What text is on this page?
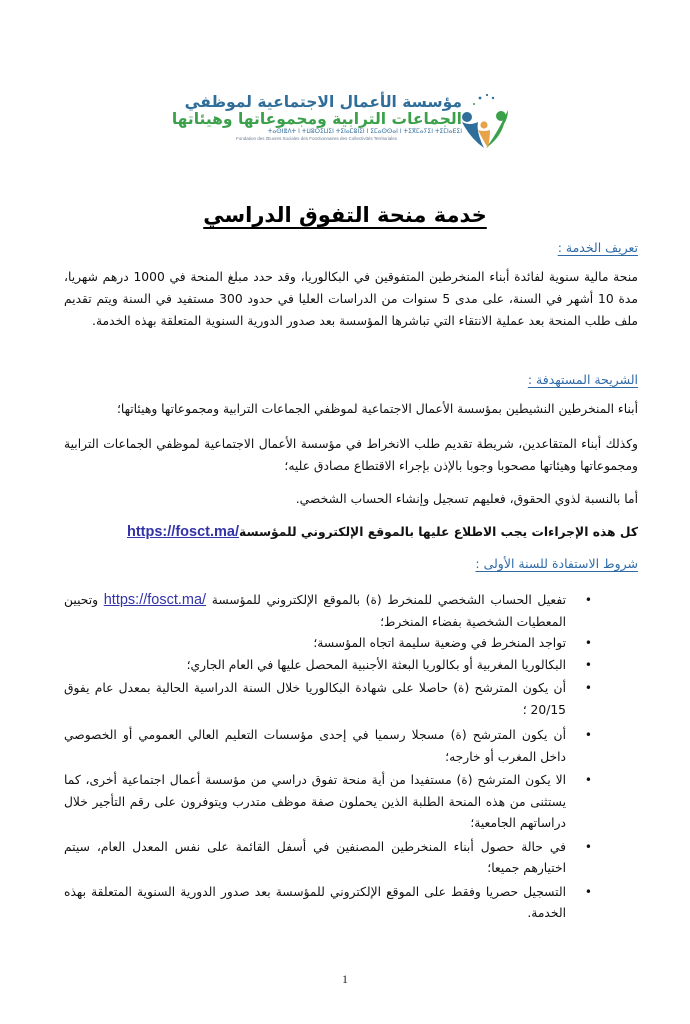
مؤسسة الأعمال الاجتماعية لموظفي
الجماعات الترابية ومجموعاتها وهيئاتها
ⵜⴰⵙⵏⴻⴷⵜ ⵏ ⵜⵡⵓⵔⵉⵡⵉⵏ ⵜⵉⵏⴰⵎⵓⵏⵉⵏ ⵏ ⵉⵎⴰⵙⵙⴰⵏ ⵏ ⵜⵉⴳⵎⴰⵢⵉⵏ ⵜⵉⵎⵏⴰⴹⵉⵏ
Fondation des Œuvres Sociales des Fonctionnaires des Collectivités Territoriales
خدمة منحة التفوق الدراسي
تعريف الخدمة :

منحة مالية سنوية لفائدة أبناء المنخرطين المتفوقين في البكالوريا، وقد حدد مبلغ المنحة في 1000 درهم شهريا، مدة 10 أشهر في السنة، على مدى 5 سنوات من الدراسات العليا في حدود 300 مستفيد في السنة ويتم تقديم ملف طلب المنحة بعد عملية الانتقاء التي تباشرها المؤسسة بعد صدور الدورية السنوية المتعلقة بهذه الخدمة.

الشريحة المستهدفة :

أبناء المنخرطين النشيطين بمؤسسة الأعمال الاجتماعية لموظفي الجماعات الترابية ومجموعاتها وهيئاتها؛

وكذلك أبناء المتقاعدين، شريطة تقديم طلب الانخراط في مؤسسة الأعمال الاجتماعية لموظفي الجماعات الترابية ومجموعاتها وهيئاتها مصحوبا وجوبا بالإذن بإجراء الاقتطاع مصادق عليه؛

أما بالنسبة لذوي الحقوق، فعليهم تسجيل وإنشاء الحساب الشخصي.

كل هذه الإجراءات يجب الاطلاع عليها بالموقع الإلكتروني للمؤسسةhttps://fosct.ma/

شروط الاستفادة للسنة الأولى :
•
تفعيل الحساب الشخصي للمنخرط (ة) بالموقع الإلكتروني للمؤسسة https://fosct.ma/ وتحيين المعطيات الشخصية بفضاء المنخرط؛
•
تواجد المنخرط في وضعية سليمة اتجاه المؤسسة؛
•
البكالوريا المغربية أو بكالوريا البعثة الأجنبية المحصل عليها في العام الجاري؛
•
أن يكون المترشح (ة) حاصلا على شهادة البكالوريا خلال السنة الدراسية الحالية بمعدل عام يفوق 20/15 ؛
•
أن يكون المترشح (ة) مسجلا رسميا في إحدى مؤسسات التعليم العالي العمومي أو الخصوصي داخل المغرب أو خارجه؛
•
الا يكون المترشح (ة) مستفيدا من أية منحة تفوق دراسي من مؤسسة أعمال اجتماعية أخرى، كما يستثنى من هذه المنحة الطلبة الذين يحملون صفة موظف متدرب ويتوفرون على رقم التأجير خلال دراساتهم الجامعية؛
•
في حالة حصول أبناء المنخرطين المصنفين في أسفل القائمة على نفس المعدل العام، سيتم اختيارهم جميعا؛
•
التسجيل حصريا وفقط على الموقع الإلكتروني للمؤسسة بعد صدور الدورية السنوية المتعلقة بهذه الخدمة.
1
